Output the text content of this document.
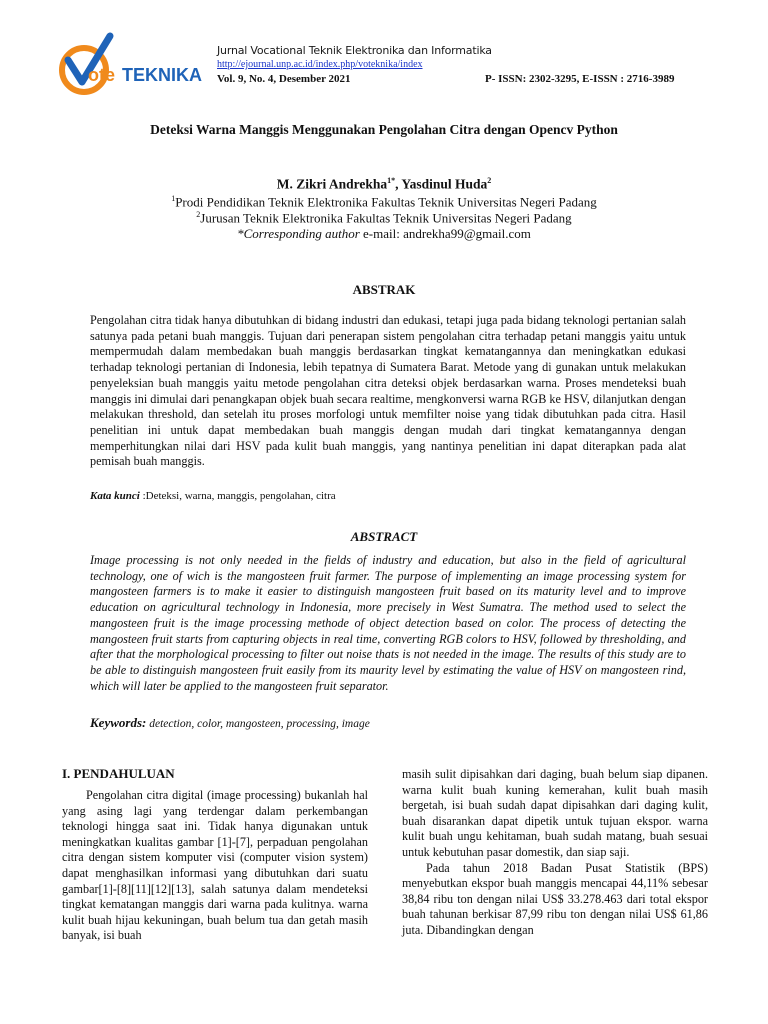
ote TEKNIKA
Jurnal Vocational Teknik Elektronika dan Informatika
http://ejournal.unp.ac.id/index.php/voteknika/index
Vol. 9, No. 4, Desember 2021	P- ISSN: 2302-3295, E-ISSN : 2716-3989
Deteksi Warna Manggis Menggunakan Pengolahan Citra dengan Opencv Python
M. Zikri Andrekha$^{1*}$, Yasdinul Huda$^2$
$^1$Prodi Pendidikan Teknik Elektronika Fakultas Teknik Universitas Negeri Padang
$^2$Jurusan Teknik Elektronika Fakultas Teknik Universitas Negeri Padang
*Corresponding author e-mail: andrekha99@gmail.com
ABSTRAK
Pengolahan citra tidak hanya dibutuhkan di bidang industri dan edukasi, tetapi juga pada bidang teknologi pertanian salah satunya pada petani buah manggis. Tujuan dari penerapan sistem pengolahan citra terhadap petani manggis yaitu untuk mempermudah dalam membedakan buah manggis berdasarkan tingkat kematangannya dan meningkatkan edukasi terhadap teknologi pertanian di Indonesia, lebih tepatnya di Sumatera Barat. Metode yang di gunakan untuk melakukan penyeleksian buah manggis yaitu metode pengolahan citra deteksi objek berdasarkan warna. Proses mendeteksi buah manggis ini dimulai dari penangkapan objek buah secara realtime, mengkonversi warna RGB ke HSV, dilanjutkan dengan melakukan threshold, dan setelah itu proses morfologi untuk memfilter noise yang tidak dibutuhkan pada citra. Hasil penelitian ini untuk dapat membedakan buah manggis dengan mudah dari tingkat kematangannya dengan memperhitungkan nilai dari HSV pada kulit buah manggis, yang nantinya penelitian ini dapat diterapkan pada alat pemisah buah manggis.
Kata kunci :Deteksi, warna, manggis, pengolahan, citra
ABSTRACT
Image processing is not only needed in the fields of industry and education, but also in the field of agricultural technology, one of wich is the mangosteen fruit farmer. The purpose of implementing an image processing system for mangosteen farmers is to make it easier to distinguish mangosteen fruit based on its maturity level and to improve education on agricultural technology in Indonesia, more precisely in West Sumatra. The method used to select the mangosteen fruit is the image processing methode of object detection based on color. The process of detecting the mangosteen fruit starts from capturing objects in real time, converting RGB colors to HSV, followed by thresholding, and after that the morphological processing to filter out noise thats is not needed in the image. The results of this study are to be able to distinguish mangosteen fruit easily from its maurity level by estimating the value of HSV on mangosteen rind, which will later be applied to the mangosteen fruit separator.
Keywords: detection, color, mangosteen, processing, image
I. PENDAHULUAN
Pengolahan citra digital (image processing) bukanlah hal yang asing lagi yang terdengar dalam perkembangan teknologi hingga saat ini. Tidak hanya digunakan untuk meningkatkan kualitas gambar [1]-[7], perpaduan pengolahan citra dengan sistem komputer visi (computer vision system) dapat menghasilkan informasi yang dibutuhkan dari suatu gambar[1]-[8][11][12][13], salah satunya dalam mendeteksi tingkat kematangan manggis dari warna pada kulitnya. warna kulit buah hijau kekuningan, buah belum tua dan getah masih banyak, isi buah
masih sulit dipisahkan dari daging, buah belum siap dipanen. warna kulit buah kuning kemerahan, kulit buah masih bergetah, isi buah sudah dapat dipisahkan dari daging kulit, buah disarankan dapat dipetik untuk tujuan ekspor. warna kulit buah ungu kehitaman, buah sudah matang, buah sesuai untuk kebutuhan pasar domestik, dan siap saji.
Pada tahun 2018 Badan Pusat Statistik (BPS) menyebutkan ekspor buah manggis mencapai 44,11% sebesar 38,84 ribu ton dengan nilai US$ 33.278.463 dari total ekspor buah tahunan berkisar 87,99 ribu ton dengan nilai US$ 61,86 juta. Dibandingkan dengan
